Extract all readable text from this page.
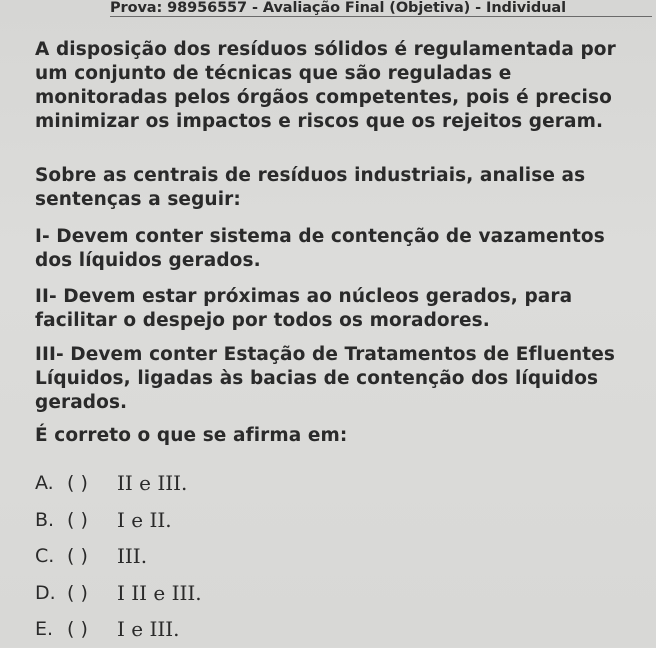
Prova: 98956557 - Avaliação Final (Objetiva) - Individual
A disposição dos resíduos sólidos é regulamentada por um conjunto de técnicas que são reguladas e monitoradas pelos órgãos competentes, pois é preciso minimizar os impactos e riscos que os rejeitos geram.
Sobre as centrais de resíduos industriais, analise as sentenças a seguir:
I- Devem conter sistema de contenção de vazamentos dos líquidos gerados.
II- Devem estar próximas ao núcleos gerados, para facilitar o despejo por todos os moradores.
III- Devem conter Estação de Tratamentos de Efluentes Líquidos, ligadas às bacias de contenção dos líquidos gerados.
É correto o que se afirma em:
A. ( )	II e III.
B. ( )	I e II.
C. ( )	III.
D. ( )	I II e III.
E. ( )	I e III.
